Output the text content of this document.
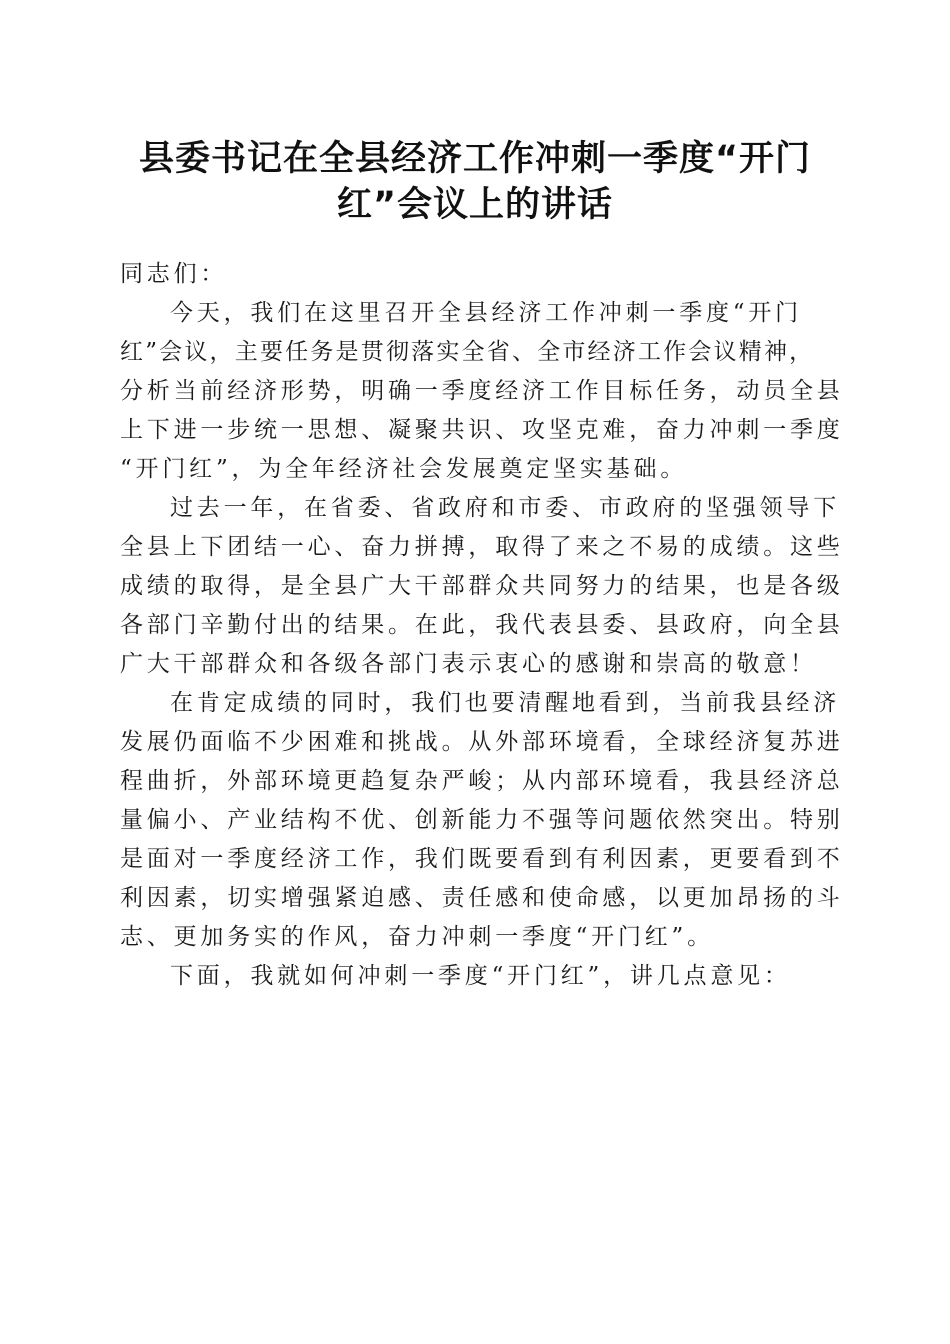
县委书记在全县经济工作冲刺一季度“开门
红”会议上的讲话
同志们：
今天，我们在这里召开全县经济工作冲刺一季度“开门
红”会议，主要任务是贯彻落实全省、全市经济工作会议精神，
分析当前经济形势，明确一季度经济工作目标任务，动员全县
上下进一步统一思想、凝聚共识、攻坚克难，奋力冲刺一季度
“开门红”，为全年经济社会发展奠定坚实基础。
过去一年，在省委、省政府和市委、市政府的坚强领导下
全县上下团结一心、奋力拼搏，取得了来之不易的成绩。这些
成绩的取得，是全县广大干部群众共同努力的结果，也是各级
各部门辛勤付出的结果。在此，我代表县委、县政府，向全县
广大干部群众和各级各部门表示衷心的感谢和崇高的敬意！
在肯定成绩的同时，我们也要清醒地看到，当前我县经济
发展仍面临不少困难和挑战。从外部环境看，全球经济复苏进
程曲折，外部环境更趋复杂严峻；从内部环境看，我县经济总
量偏小、产业结构不优、创新能力不强等问题依然突出。特别
是面对一季度经济工作，我们既要看到有利因素，更要看到不
利因素，切实增强紧迫感、责任感和使命感，以更加昂扬的斗
志、更加务实的作风，奋力冲刺一季度“开门红”。
下面，我就如何冲刺一季度“开门红”，讲几点意见：
